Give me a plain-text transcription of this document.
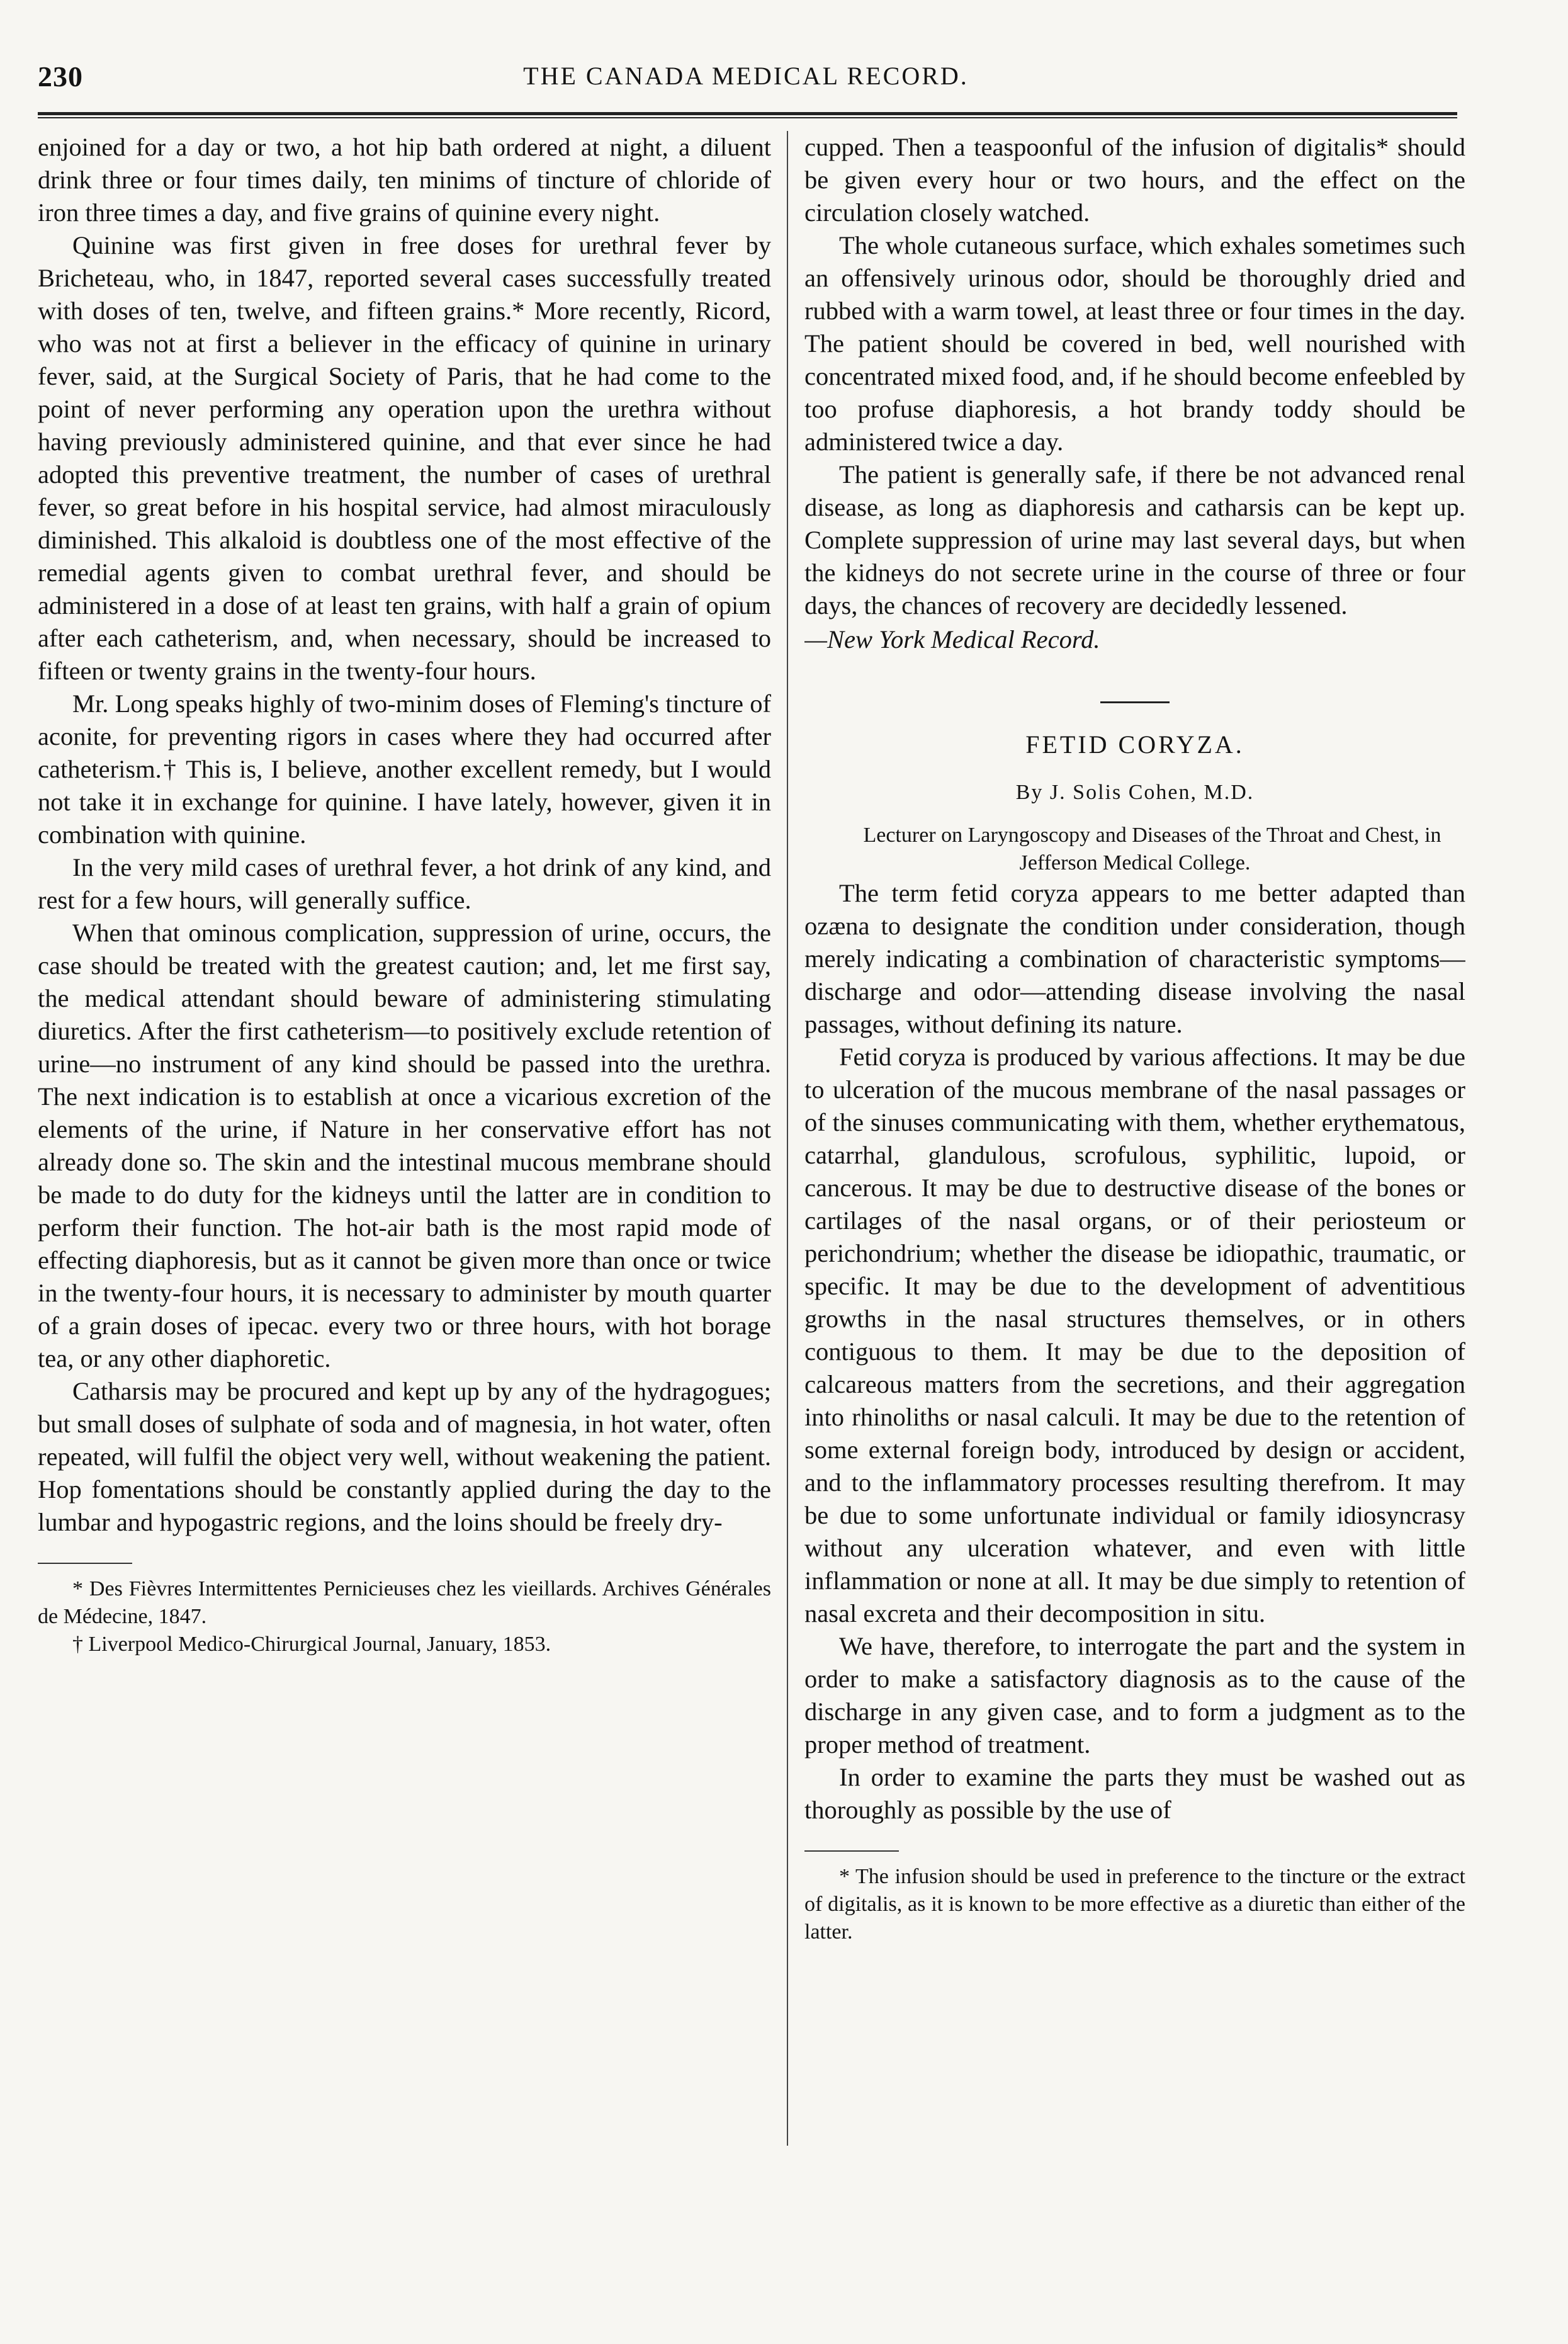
230	THE CANADA MEDICAL RECORD.

enjoined for a day or two, a hot hip bath ordered at night, a diluent drink three or four times daily, ten minims of tincture of chloride of iron three times a day, and five grains of quinine every night.

Quinine was first given in free doses for urethral fever by Bricheteau, who, in 1847, reported several cases successfully treated with doses of ten, twelve, and fifteen grains.* More recently, Ricord, who was not at first a believer in the efficacy of quinine in urinary fever, said, at the Surgical Society of Paris, that he had come to the point of never performing any operation upon the urethra without having previously administered quinine, and that ever since he had adopted this preventive treatment, the number of cases of urethral fever, so great before in his hospital service, had almost miraculously diminished. This alkaloid is doubtless one of the most effective of the remedial agents given to combat urethral fever, and should be administered in a dose of at least ten grains, with half a grain of opium after each catheterism, and, when necessary, should be increased to fifteen or twenty grains in the twenty-four hours.

Mr. Long speaks highly of two-minim doses of Fleming's tincture of aconite, for preventing rigors in cases where they had occurred after catheterism.† This is, I believe, another excellent remedy, but I would not take it in exchange for quinine. I have lately, however, given it in combination with quinine.

In the very mild cases of urethral fever, a hot drink of any kind, and rest for a few hours, will generally suffice.

When that ominous complication, suppression of urine, occurs, the case should be treated with the greatest caution; and, let me first say, the medical attendant should beware of administering stimulating diuretics. After the first catheterism—to positively exclude retention of urine—no instrument of any kind should be passed into the urethra. The next indication is to establish at once a vicarious excretion of the elements of the urine, if Nature in her conservative effort has not already done so. The skin and the intestinal mucous membrane should be made to do duty for the kidneys until the latter are in condition to perform their function. The hot-air bath is the most rapid mode of effecting diaphoresis, but as it cannot be given more than once or twice in the twenty-four hours, it is necessary to administer by mouth quarter of a grain doses of ipecac. every two or three hours, with hot borage tea, or any other diaphoretic.

Catharsis may be procured and kept up by any of the hydragogues; but small doses of sulphate of soda and of magnesia, in hot water, often repeated, will fulfil the object very well, without weakening the patient. Hop fomentations should be constantly applied during the day to the lumbar and hypogastric regions, and the loins should be freely dry-

* Des Fièvres Intermittentes Pernicieuses chez les vieillards. Archives Générales de Médecine, 1847.

† Liverpool Medico-Chirurgical Journal, January, 1853.

cupped. Then a teaspoonful of the infusion of digitalis* should be given every hour or two hours, and the effect on the circulation closely watched.

The whole cutaneous surface, which exhales sometimes such an offensively urinous odor, should be thoroughly dried and rubbed with a warm towel, at least three or four times in the day. The patient should be covered in bed, well nourished with concentrated mixed food, and, if he should become enfeebled by too profuse diaphoresis, a hot brandy toddy should be administered twice a day.

The patient is generally safe, if there be not advanced renal disease, as long as diaphoresis and catharsis can be kept up. Complete suppression of urine may last several days, but when the kidneys do not secrete urine in the course of three or four days, the chances of recovery are decidedly lessened.

—New York Medical Record.

FETID CORYZA.
By J. Solis Cohen, M.D.

Lecturer on Laryngoscopy and Diseases of the Throat and Chest, in Jefferson Medical College.

The term fetid coryza appears to me better adapted than ozæna to designate the condition under consideration, though merely indicating a combination of characteristic symptoms—discharge and odor—attending disease involving the nasal passages, without defining its nature.

Fetid coryza is produced by various affections. It may be due to ulceration of the mucous membrane of the nasal passages or of the sinuses communicating with them, whether erythematous, catarrhal, glandulous, scrofulous, syphilitic, lupoid, or cancerous. It may be due to destructive disease of the bones or cartilages of the nasal organs, or of their periosteum or perichondrium; whether the disease be idiopathic, traumatic, or specific. It may be due to the development of adventitious growths in the nasal structures themselves, or in others contiguous to them. It may be due to the deposition of calcareous matters from the secretions, and their aggregation into rhinoliths or nasal calculi. It may be due to the retention of some external foreign body, introduced by design or accident, and to the inflammatory processes resulting therefrom. It may be due to some unfortunate individual or family idiosyncrasy without any ulceration whatever, and even with little inflammation or none at all. It may be due simply to retention of nasal excreta and their decomposition in situ.

We have, therefore, to interrogate the part and the system in order to make a satisfactory diagnosis as to the cause of the discharge in any given case, and to form a judgment as to the proper method of treatment.

In order to examine the parts they must be washed out as thoroughly as possible by the use of

* The infusion should be used in preference to the tincture or the extract of digitalis, as it is known to be more effective as a diuretic than either of the latter.
